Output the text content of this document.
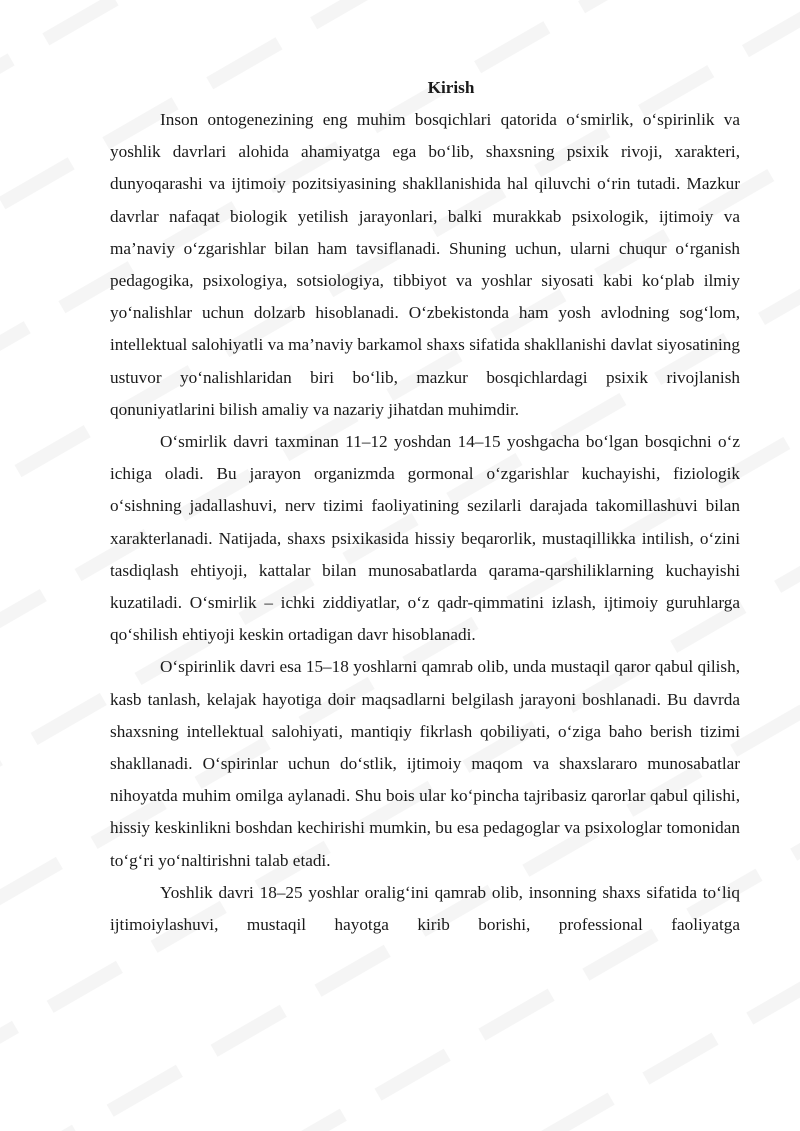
Kirish

Inson ontogenezining eng muhim bosqichlari qatorida o‘smirlik, o‘spirinlik va yoshlik davrlari alohida ahamiyatga ega bo‘lib, shaxsning psixik rivoji, xarakteri, dunyoqarashi va ijtimoiy pozitsiyasining shakllanishida hal qiluvchi o‘rin tutadi. Mazkur davrlar nafaqat biologik yetilish jarayonlari, balki murakkab psixologik, ijtimoiy va ma’naviy o‘zgarishlar bilan ham tavsiflanadi. Shuning uchun, ularni chuqur o‘rganish pedagogika, psixologiya, sotsiologiya, tibbiyot va yoshlar siyosati kabi ko‘plab ilmiy yo‘nalishlar uchun dolzarb hisoblanadi. O‘zbekistonda ham yosh avlodning sog‘lom, intellektual salohiyatli va ma’naviy barkamol shaxs sifatida shakllanishi davlat siyosatining ustuvor yo‘nalishlaridan biri bo‘lib, mazkur bosqichlardagi psixik rivojlanish qonuniyatlarini bilish amaliy va nazariy jihatdan muhimdir.

O‘smirlik davri taxminan 11–12 yoshdan 14–15 yoshgacha bo‘lgan bosqichni o‘z ichiga oladi. Bu jarayon organizmda gormonal o‘zgarishlar kuchayishi, fiziologik o‘sishning jadallashuvi, nerv tizimi faoliyatining sezilarli darajada takomillashuvi bilan xarakterlanadi. Natijada, shaxs psixikasida hissiy beqarorlik, mustaqillikka intilish, o‘zini tasdiqlash ehtiyoji, kattalar bilan munosabatlarda qarama-qarshiliklarning kuchayishi kuzatiladi. O‘smirlik – ichki ziddiyatlar, o‘z qadr-qimmatini izlash, ijtimoiy guruhlarga qo‘shilish ehtiyoji keskin ortadigan davr hisoblanadi.

O‘spirinlik davri esa 15–18 yoshlarni qamrab olib, unda mustaqil qaror qabul qilish, kasb tanlash, kelajak hayotiga doir maqsadlarni belgilash jarayoni boshlanadi. Bu davrda shaxsning intellektual salohiyati, mantiqiy fikrlash qobiliyati, o‘ziga baho berish tizimi shakllanadi. O‘spirinlar uchun do‘stlik, ijtimoiy maqom va shaxslararo munosabatlar nihoyatda muhim omilga aylanadi. Shu bois ular ko‘pincha tajribasiz qarorlar qabul qilishi, hissiy keskinlikni boshdan kechirishi mumkin, bu esa pedagoglar va psixologlar tomonidan to‘g‘ri yo‘naltirishni talab etadi.

Yoshlik davri 18–25 yoshlar oralig‘ini qamrab olib, insonning shaxs sifatida to‘liq ijtimoiylashuvi, mustaqil hayotga kirib borishi, professional faoliyatga
